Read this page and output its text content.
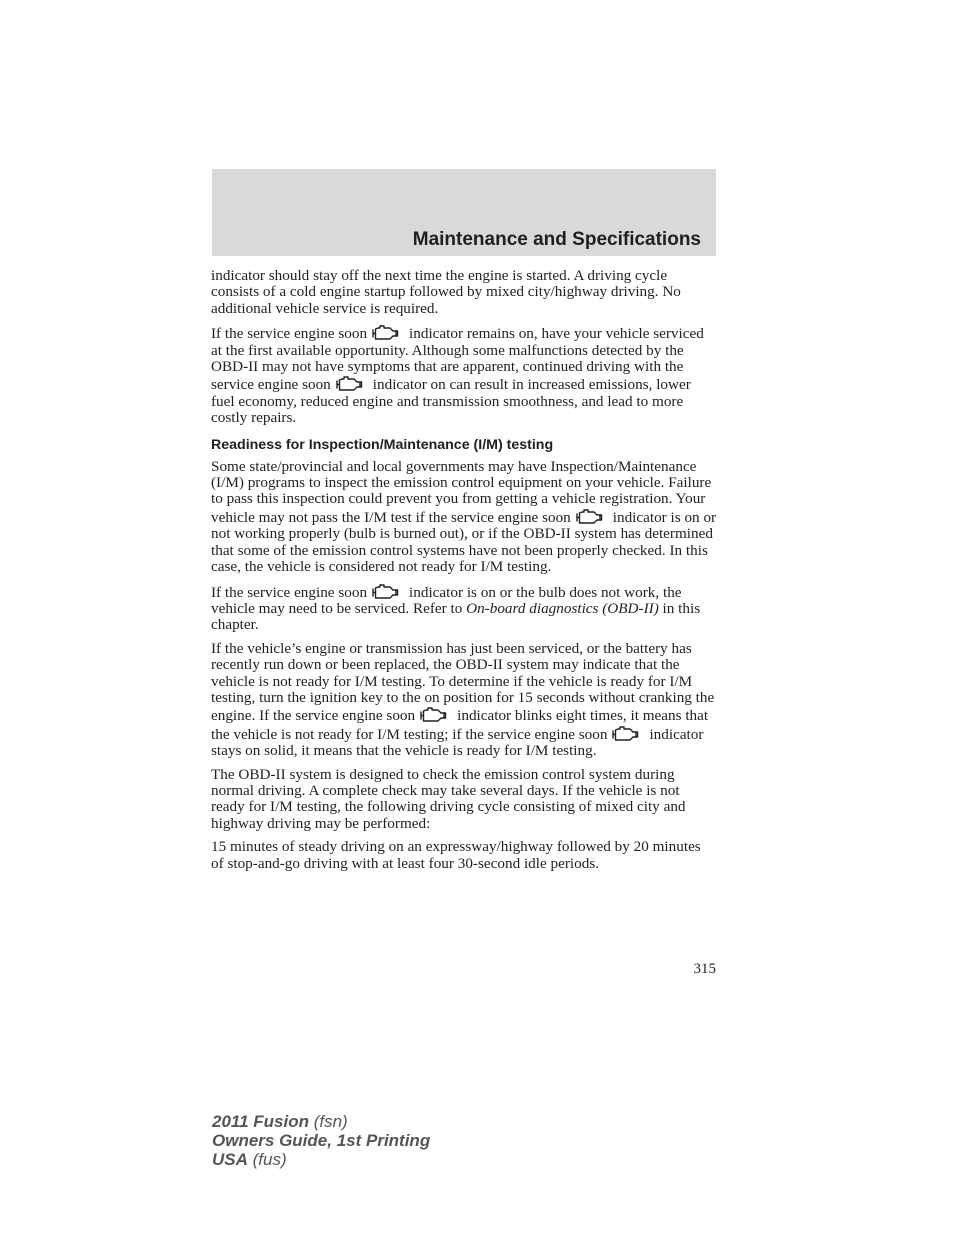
Maintenance and Specifications

indicator should stay off the next time the engine is started. A driving cycle consists of a cold engine startup followed by mixed city/highway driving. No additional vehicle service is required.

If the service engine soon	indicator remains on, have your vehicle serviced at the first available opportunity. Although some malfunctions detected by the OBD-II may not have symptoms that are apparent, continued driving with the service engine soon	indicator on can result in increased emissions, lower fuel economy, reduced engine and transmission smoothness, and lead to more costly repairs.

Readiness for Inspection/Maintenance (I/M) testing

Some state/provincial and local governments may have Inspection/Maintenance (I/M) programs to inspect the emission control equipment on your vehicle. Failure to pass this inspection could prevent you from getting a vehicle registration. Your vehicle may not pass the I/M test if the service engine soon	indicator is on or not working properly (bulb is burned out), or if the OBD-II system has determined that some of the emission control systems have not been properly checked. In this case, the vehicle is considered not ready for I/M testing.

If the service engine soon	indicator is on or the bulb does not work, the vehicle may need to be serviced. Refer to On-board diagnostics (OBD-II) in this chapter.

If the vehicle’s engine or transmission has just been serviced, or the battery has recently run down or been replaced, the OBD-II system may indicate that the vehicle is not ready for I/M testing. To determine if the vehicle is ready for I/M testing, turn the ignition key to the on position for 15 seconds without cranking the engine. If the service engine soon	indicator blinks eight times, it means that the vehicle is not ready for I/M testing; if the service engine soon	indicator stays on solid, it means that the vehicle is ready for I/M testing.

The OBD-II system is designed to check the emission control system during normal driving. A complete check may take several days. If the vehicle is not ready for I/M testing, the following driving cycle consisting of mixed city and highway driving may be performed:

15 minutes of steady driving on an expressway/highway followed by 20 minutes of stop-and-go driving with at least four 30-second idle periods.

315
2011 Fusion (fsn)
Owners Guide, 1st Printing
USA (fus)
